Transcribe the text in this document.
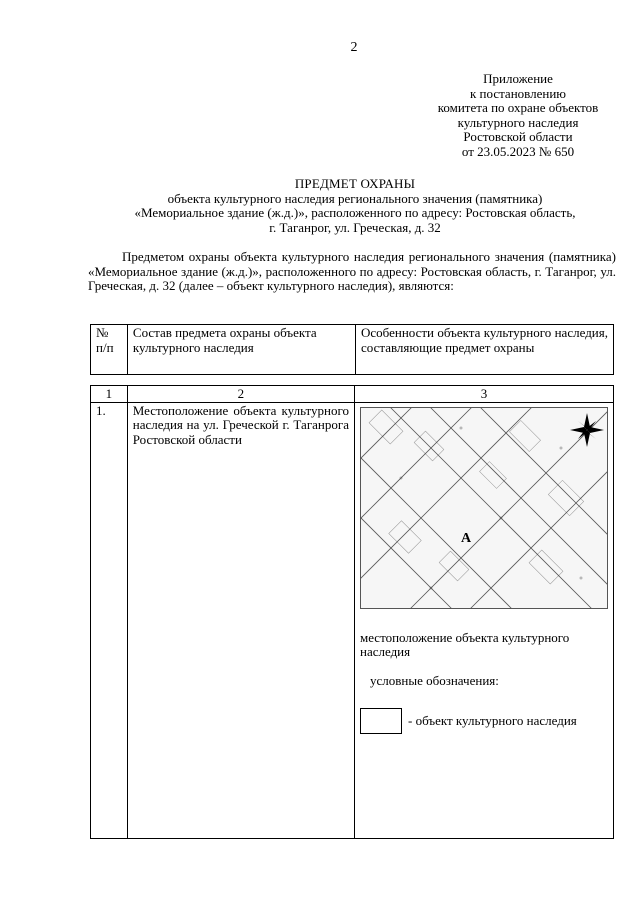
2
Приложение
к постановлению
комитета по охране объектов
культурного наследия
Ростовской области
от 23.05.2023 № 650
ПРЕДМЕТ ОХРАНЫ
объекта культурного наследия регионального значения (памятника)
«Мемориальное здание (ж.д.)», расположенного по адресу: Ростовская область,
г. Таганрог, ул. Греческая, д. 32

Предметом охраны объекта культурного наследия регионального значения (памятника) «Мемориальное здание (ж.д.)», расположенного по адресу: Ростовская область, г. Таганрог, ул. Греческая, д. 32 (далее – объект культурного наследия), являются:

№ п/п	Состав предмета охраны объекта культурного наследия	Особенности объекта культурного наследия, составляющие предмет охраны
1	2	3
1.	Местоположение объекта культурного наследия на ул. Греческой г. Таганрога Ростовской области	А
местоположение объекта культурного наследия
условные обозначения:
- объект культурного наследия
